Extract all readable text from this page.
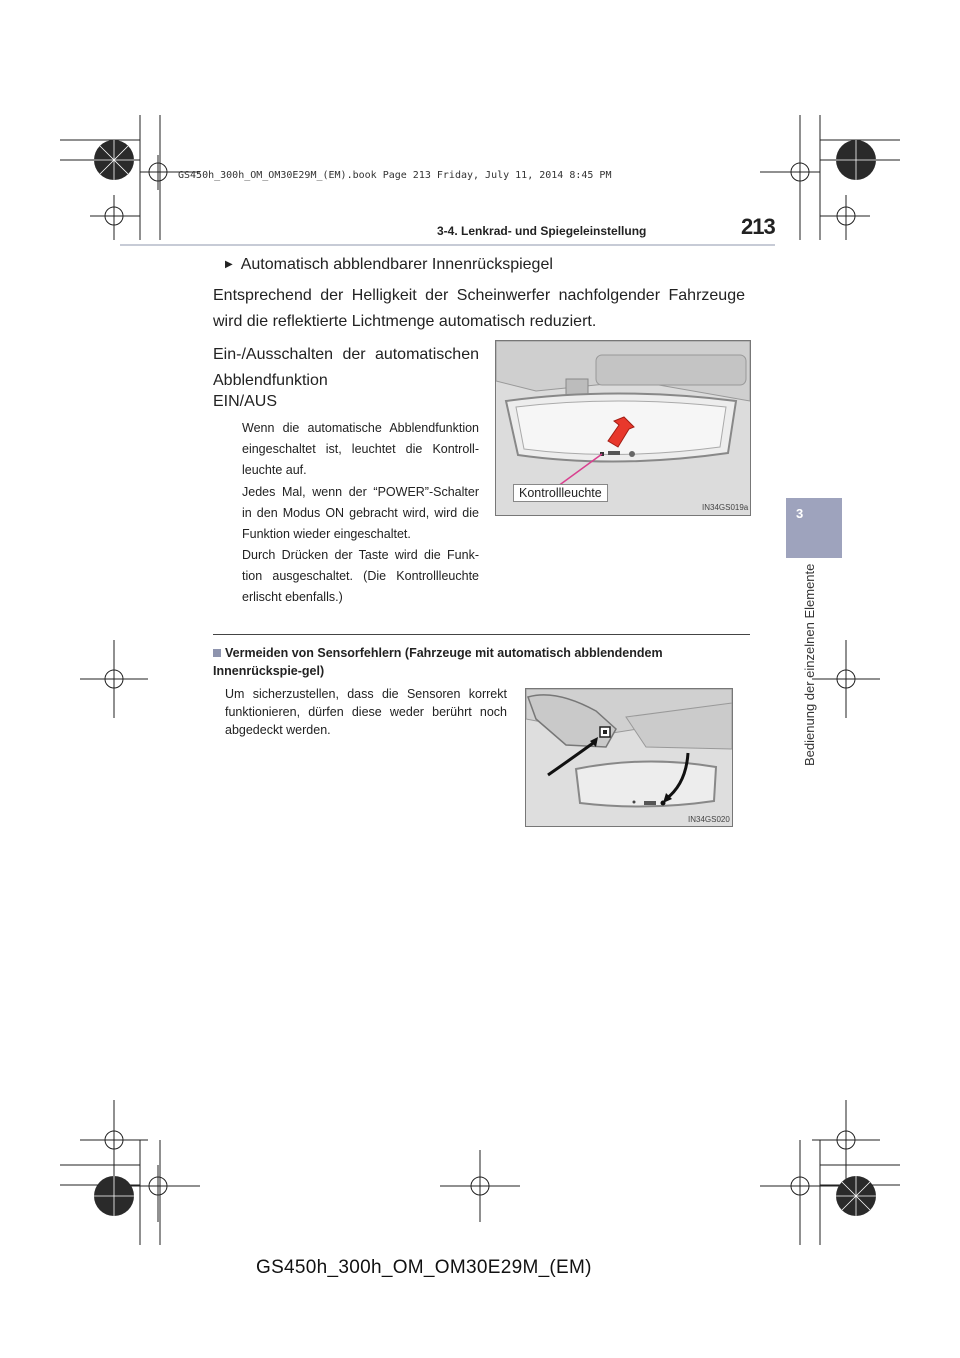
GS450h_300h_OM_OM30E29M_(EM).book Page 213 Friday, July 11, 2014 8:45 PM
3-4. Lenkrad- und Spiegeleinstellung	213
3
Bedienung der einzelnen Elemente
▶ Automatisch abblendbarer Innenrückspiegel
Entsprechend der Helligkeit der Scheinwerfer nachfolgender Fahrzeuge wird die reflektierte Lichtmenge automatisch reduziert.
Ein-/Ausschalten der automatischen Abblendfunktion
EIN/AUS
Wenn die automatische Abblendfunktion eingeschaltet ist, leuchtet die Kontroll-leuchte auf.
Jedes Mal, wenn der “POWER”-Schalter in den Modus ON gebracht wird, wird die Funktion wieder eingeschaltet.
Durch Drücken der Taste wird die Funk-tion ausgeschaltet. (Die Kontrollleuchte erlischt ebenfalls.)
Kontrollleuchte
IN34GS019a
Vermeiden von Sensorfehlern (Fahrzeuge mit automatisch abblendendem Innenrückspie-gel)
Um sicherzustellen, dass die Sensoren korrekt funktionieren, dürfen diese weder berührt noch abgedeckt werden.
IN34GS020
GS450h_300h_OM_OM30E29M_(EM)
